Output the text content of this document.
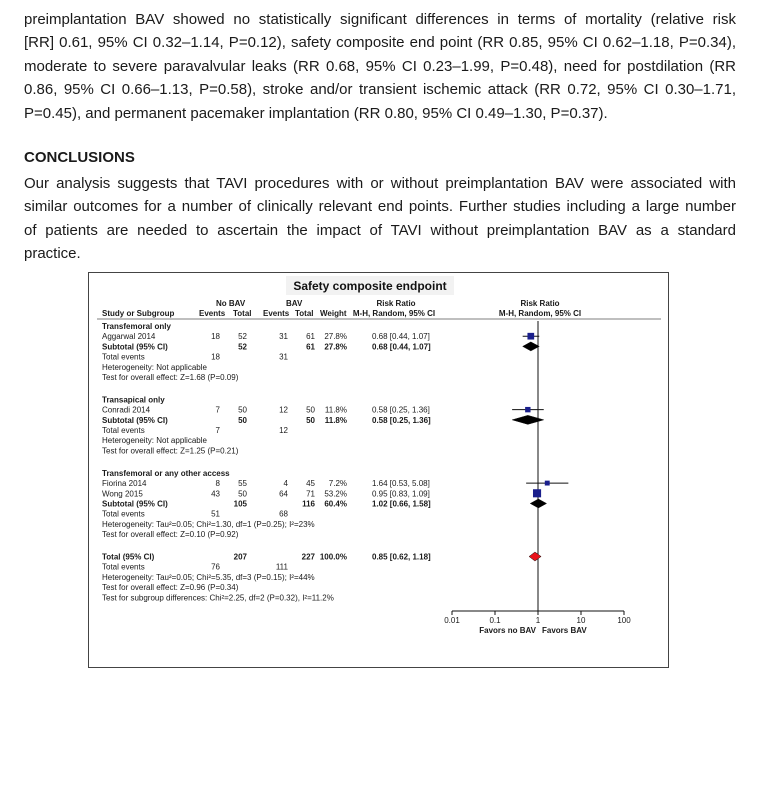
preimplantation BAV showed no statistically significant differences in terms of mortality (relative risk
[RR] 0.61, 95% CI 0.32–1.14, P=0.12), safety composite end point (RR 0.85, 95% CI 0.62–1.18, P=0.34),
moderate to severe paravalvular leaks (RR 0.68, 95% CI 0.23–1.99, P=0.48), need for postdilation (RR
0.86, 95% CI 0.66–1.13, P=0.58), stroke and/or transient ischemic attack (RR 0.72, 95% CI 0.30–1.71,
P=0.45), and permanent pacemaker implantation (RR 0.80, 95% CI 0.49–1.30, P=0.37).
CONCLUSIONS
Our analysis suggests that TAVI procedures with or without preimplantation BAV were associated with
similar outcomes for a number of clinically relevant end points. Further studies including a large number
of patients are needed to ascertain the impact of TAVI without preimplantation BAV as a standard
practice.
Safety composite endpoint
No BAV	BAV	Risk Ratio	Risk Ratio
Study or Subgroup	Events Total Events Total Weight M-H, Random, 95% CI	M-H, Random, 95% CI
Transfemoral only
Aggarwal 2014	18 52	31 61 27.8%	0.68 [0.44, 1.07]
Subtotal (95% CI)	52	61 27.8%	0.68 [0.44, 1.07]
Total events	18	31
Heterogeneity: Not applicable
Test for overall effect: Z=1.68 (P=0.09)
Transapical only
Conradi 2014	7 50	12 50 11.8%	0.58 [0.25, 1.36]
Subtotal (95% CI)	50	50 11.8%	0.58 [0.25, 1.36]
Total events	7	12
Heterogeneity: Not applicable
Test for overall effect: Z=1.25 (P=0.21)
Transfemoral or any other access
Fiorina 2014	8 55	4 45 7.2%	1.64 [0.53, 5.08]
Wong 2015	43 50	64 71 53.2%	0.95 [0.83, 1.09]
Subtotal (95% CI)	105	116 60.4%	1.02 [0.66, 1.58]
Total events	51	68
Heterogeneity: Tau²=0.05; Chi²=1.30, df=1 (P=0.25); I²=23%
Test for overall effect: Z=0.10 (P=0.92)
Total (95% CI)	207	227 100.0%	0.85 [0.62, 1.18]
Total events	76	111
Heterogeneity: Tau²=0.05; Chi²=5.35, df=3 (P=0.15); I²=44%
Test for overall effect: Z=0.96 (P=0.34)
Test for subgroup differences: Chi²=2.25, df=2 (P=0.32), I²=11.2%
0.01	0.1	1	10	100
Favors no BAV Favors BAV
